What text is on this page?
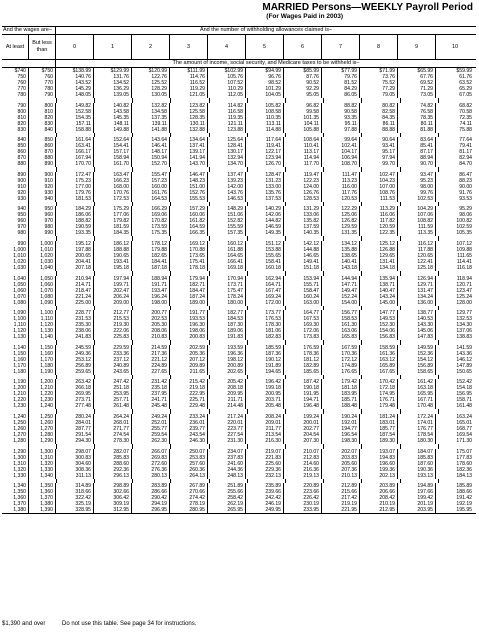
MARRIED Persons—WEEKLY Payroll Period
(For Wages Paid in 2003)
And the wages are–	And the number of withholding allowances claimed is–
At least
But less than
0	1	2	3	4	5	6	7	8	9	10
The amount of income, social security, and Medicare taxes to be withheld is–
$740	$750	$138.99	$129.99	$120.99	$111.99	$102.99	$94.99	$85.99	$77.99	$71.99	$65.99	$59.99
750	760	140.76	131.76	122.76	114.76	105.76	96.76	87.76	79.76	73.76	67.76	61.76
760	770	143.52	134.52	125.52	116.52	107.52	98.52	90.52	81.52	75.52	69.52	63.52
770	780	145.29	136.29	128.29	119.29	110.29	101.29	92.29	84.29	77.29	71.29	65.29
780	790	148.05	139.05	130.05	121.05	112.05	104.05	95.05	86.05	79.05	73.05	67.05
790	800	149.82	140.82	132.82	123.82	114.82	105.82	96.82	88.82	80.82	74.82	68.82
800	810	152.58	143.58	134.58	125.58	116.58	108.58	99.58	90.58	82.58	76.58	70.58
810	820	154.35	145.35	137.35	128.35	119.35	110.35	101.35	93.35	84.35	78.35	72.35
820	830	157.11	148.11	139.11	130.11	121.11	113.11	104.11	95.11	86.11	80.11	74.11
830	840	158.88	149.88	141.88	132.88	123.88	114.88	105.88	97.88	88.88	81.88	75.88
840	850	161.64	152.64	143.64	134.64	125.64	117.64	108.64	99.64	90.64	83.64	77.64
850	860	163.41	154.41	146.41	137.41	128.41	119.41	110.41	102.41	93.41	85.41	79.41
860	870	166.17	157.17	148.17	139.17	130.17	122.17	113.17	104.17	95.17	87.17	81.17
870	880	167.94	158.94	150.94	141.94	132.94	123.94	114.94	106.94	97.94	88.94	82.94
880	890	170.70	161.70	152.70	143.70	134.70	126.70	117.70	108.70	99.70	90.70	84.70
890	900	172.47	163.47	155.47	146.47	137.47	128.47	119.47	111.47	102.47	93.47	86.47
900	910	175.23	166.23	157.23	148.23	139.23	131.23	122.23	113.23	104.23	95.23	88.23
910	920	177.00	168.00	160.00	151.00	142.00	133.00	124.00	116.00	107.00	98.00	90.00
920	930	179.76	170.76	161.76	152.76	143.76	135.76	126.76	117.76	108.76	99.76	91.76
930	940	181.53	172.53	164.53	155.53	146.53	137.53	128.53	120.53	111.53	102.53	93.53
940	950	184.29	175.29	166.29	157.29	148.29	140.29	131.29	122.29	113.29	104.29	95.29
950	960	186.06	177.06	169.06	160.06	151.06	142.06	133.06	125.06	116.06	107.06	98.06
960	970	188.82	179.82	170.82	161.82	152.82	144.82	135.82	126.82	117.82	108.82	100.82
970	980	190.59	181.59	173.59	164.59	155.59	146.59	137.59	129.59	120.59	111.59	102.59
980	990	193.35	184.35	175.35	166.35	157.35	149.35	140.35	131.35	122.35	113.35	105.35
990	1,000	195.12	186.12	178.12	169.12	160.12	151.12	142.12	134.12	125.12	116.12	107.12
1,000	1,010	197.88	188.88	179.88	170.88	161.88	153.88	144.88	135.88	126.88	117.88	109.88
1,010	1,020	200.65	190.65	182.65	173.65	164.65	155.65	146.65	138.65	129.65	120.65	111.65
1,020	1,030	204.41	193.41	184.41	175.41	166.41	158.41	149.41	140.41	131.41	122.41	114.41
1,030	1,040	207.18	195.18	187.18	178.18	169.18	160.18	151.18	143.18	134.18	125.18	116.18
1,040	1,050	210.94	197.94	188.94	179.94	170.94	162.94	153.94	144.94	135.94	126.94	118.94
1,050	1,060	214.71	199.71	191.71	182.71	173.71	164.71	155.71	147.71	138.71	129.71	120.71
1,060	1,070	218.47	202.47	193.47	184.47	175.47	167.47	158.47	149.47	140.47	131.47	123.47
1,070	1,080	221.24	206.24	196.24	187.24	178.24	169.24	160.24	152.24	143.24	134.24	125.24
1,080	1,090	225.00	209.00	198.00	189.00	180.00	172.00	163.00	154.00	145.00	136.00	128.00
1,090	1,100	228.77	212.77	200.77	191.77	182.77	173.77	164.77	156.77	147.77	138.77	129.77
1,100	1,110	231.53	215.53	202.53	193.53	184.53	176.53	167.53	158.53	149.53	140.53	132.53
1,110	1,120	235.30	219.30	205.30	196.30	187.30	178.30	169.30	161.30	152.30	143.30	134.30
1,120	1,130	238.06	222.06	208.06	198.06	189.06	181.06	172.06	163.06	154.06	145.06	137.06
1,130	1,140	241.83	225.83	210.83	200.83	191.83	182.83	173.83	165.83	156.83	147.83	138.83
1,140	1,150	245.59	229.59	214.59	202.59	193.59	185.59	176.59	167.59	158.59	149.59	141.59
1,150	1,160	249.36	233.36	217.36	205.36	196.36	187.36	178.36	170.36	161.36	152.36	143.36
1,160	1,170	253.12	237.12	221.12	207.12	198.12	190.12	181.12	172.12	163.12	154.12	146.12
1,170	1,180	256.89	240.89	224.89	209.89	200.89	191.89	182.89	174.89	165.89	156.89	147.89
1,180	1,190	259.65	243.65	227.65	211.65	202.65	194.65	185.65	176.65	167.65	158.65	150.65
1,190	1,200	263.42	247.42	231.42	215.42	205.42	196.42	187.42	179.42	170.42	161.42	152.42
1,200	1,210	266.18	251.18	235.18	219.18	208.18	199.18	190.18	181.18	172.18	163.18	154.18
1,210	1,220	269.95	253.95	237.95	222.95	209.95	200.95	191.95	183.95	174.95	165.95	156.95
1,220	1,230	273.71	257.71	241.71	225.71	211.71	203.71	194.71	185.71	176.71	167.71	158.71
1,230	1,240	277.48	261.48	245.48	229.48	214.48	205.48	196.48	188.48	179.48	170.48	161.48
1,240	1,250	280.24	264.24	249.24	233.24	217.24	208.24	199.24	190.24	181.24	172.24	163.24
1,250	1,260	284.01	268.01	252.01	236.01	220.01	209.01	200.01	192.01	183.01	174.01	165.01
1,260	1,270	287.77	271.77	255.77	239.77	223.77	211.77	202.77	194.77	185.77	176.77	168.77
1,270	1,280	291.54	274.54	259.54	243.54	227.54	213.54	204.54	196.54	187.54	178.54	169.54
1,280	1,290	294.30	278.30	262.30	246.30	231.30	216.30	207.30	198.30	189.30	180.30	171.30
1,290	1,300	298.07	282.07	266.07	250.07	234.07	219.07	210.07	202.07	193.07	184.07	175.07
1,300	1,310	300.83	285.83	269.83	253.83	237.83	221.83	212.83	203.83	194.83	185.83	177.83
1,310	1,320	304.60	288.60	272.60	257.60	241.60	225.60	214.60	205.60	196.60	187.60	178.60
1,320	1,330	308.36	292.36	276.36	260.36	244.36	229.36	216.36	207.36	199.36	190.36	182.36
1,330	1,340	311.13	296.13	280.13	264.13	248.13	232.13	219.13	210.13	202.13	193.13	184.13
1,340	1,350	314.89	298.89	283.89	267.89	251.89	235.89	220.89	212.89	203.89	194.89	185.89
1,350	1,360	318.66	302.66	286.66	270.66	255.66	239.66	223.66	215.66	206.66	197.66	188.66
1,360	1,370	322.42	306.42	290.42	274.42	258.42	242.42	226.42	217.42	208.42	199.42	191.42
1,370	1,380	325.19	309.19	294.19	278.19	262.19	246.19	230.19	219.19	210.19	201.19	192.19
1,380	1,390	328.95	312.95	296.95	280.95	265.95	249.95	233.95	221.95	212.95	203.95	195.95
$1,390 and over	Do not use this table. See page 34 for instructions.
